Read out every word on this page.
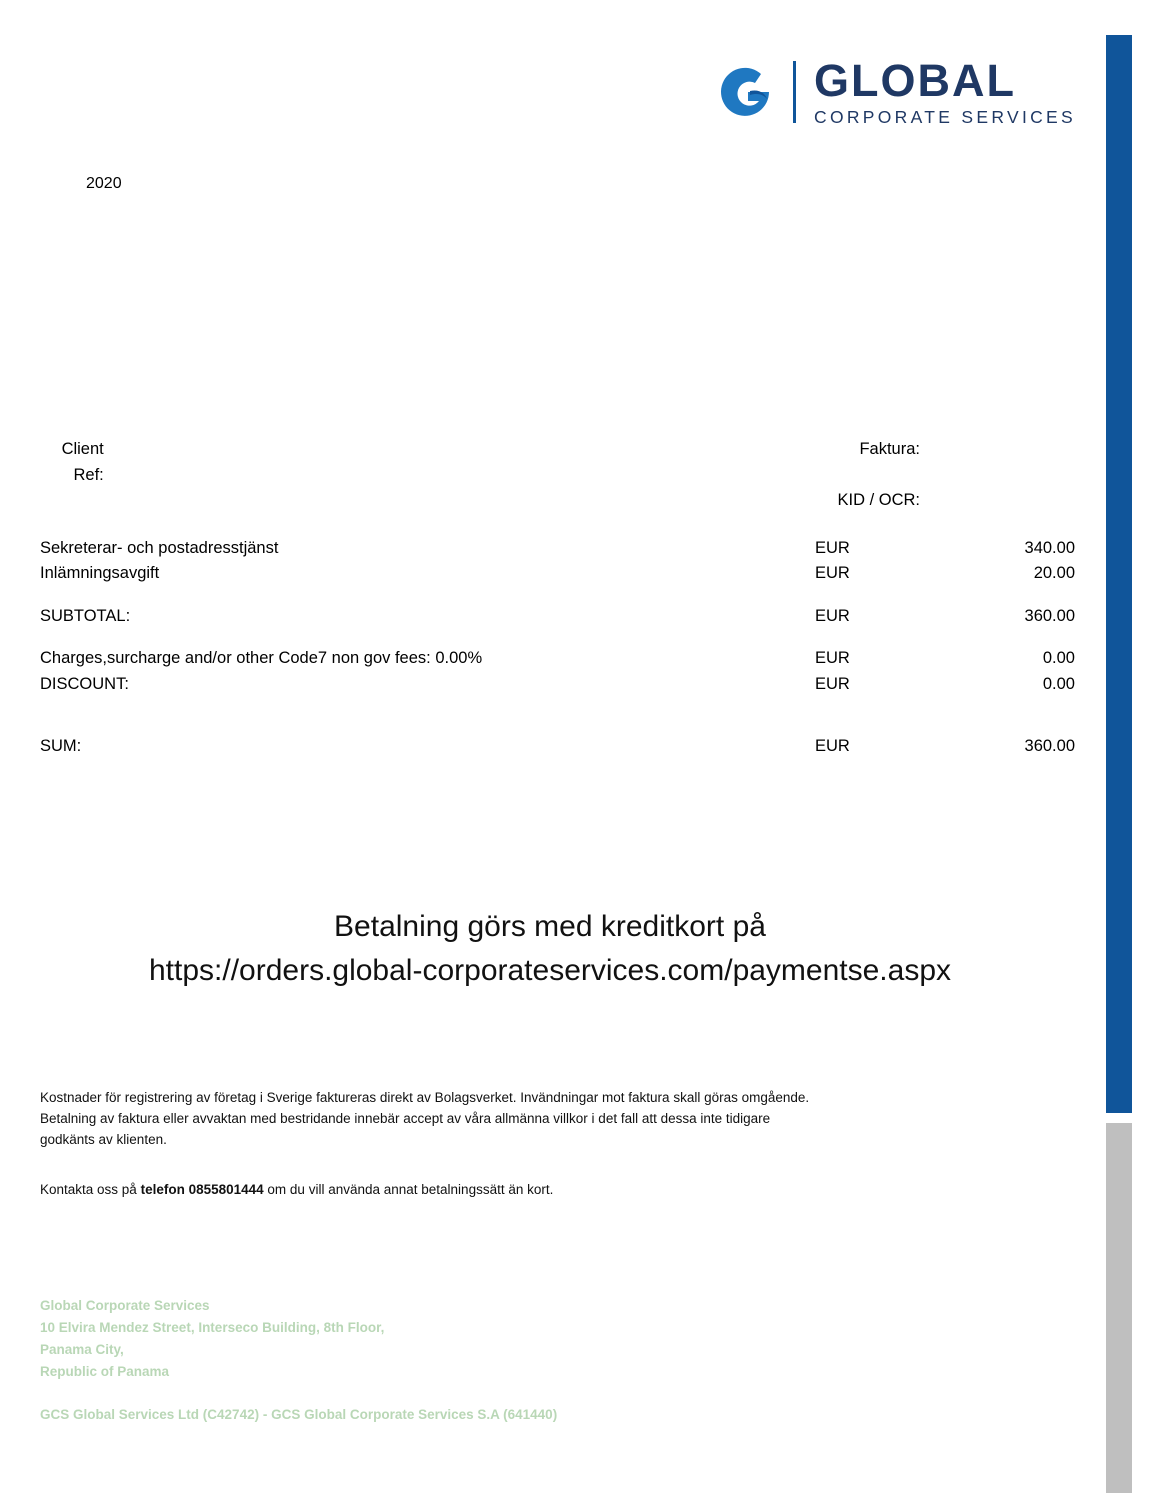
GLOBAL
CORPORATE SERVICES
2020
Client Ref:
Faktura:
KID / OCR:
Sekreterar- och postadresstjänst	EUR	340.00
Inlämningsavgift	EUR	20.00
SUBTOTAL:	EUR	360.00
Charges,surcharge and/or other Code7 non gov fees: 0.00%	EUR	0.00
DISCOUNT:	EUR	0.00
SUM:	EUR	360.00
Betalning görs med kreditkort på
https://orders.global-corporateservices.com/paymentse.aspx

Kostnader för registrering av företag i Sverige faktureras direkt av Bolagsverket. Invändningar mot faktura skall göras omgående.

Betalning av faktura eller avvaktan med bestridande innebär accept av våra allmänna villkor i det fall att dessa inte tidigare

godkänts av klienten.

Kontakta oss på telefon 0855801444 om du vill använda annat betalningssätt än kort.
Global Corporate Services
10 Elvira Mendez Street, Interseco Building, 8th Floor,
Panama City,
Republic of Panama
GCS Global Services Ltd (C42742) - GCS Global Corporate Services S.A (641440)
